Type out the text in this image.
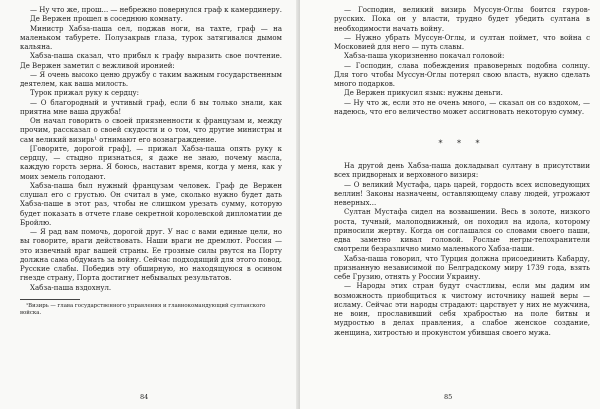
— Ну что же, прош... — небрежно повернулся граф к камердинеру.

Де Вержен прошел в соседнюю комнату.

Министр Хабза-паша сел, поджав ноги, на тахте, граф — на маленьком табурете. Полузакрыв глаза, турок затягивался дымом кальяна.

Хабза-паша сказал, что прибыл к графу выразить свое почтение. Де Вержен заметил с вежливой иронией:

— Я очень высоко ценю дружбу с таким важным государственным деятелем, как ваша милость.

Турок прижал руку к сердцу:

— О благородный и учтивый граф, если б вы только знали, как приятна мне ваша дружба!

Он начал говорить о своей приязненности к французам и, между прочим, рассказал о своей скудости и о том, что другие министры и сам великий визирь¹ отнимают его вознаграждение.

[Говорите, дорогой граф], — прижал Хабза-паша опять руку к сердцу, — стыдно признаться, я даже не знаю, почему масла, каждую горсть зерна. Я боюсь, наставит время, когда у меня, как у моих земель голодают.

Хабза-паша был нужный французам человек. Граф де Вержен слушал его с грустью. Он считал в уме, сколько нужно будет дать Хабза-паше в этот раз, чтобы не слишком урезать сумму, которую будет показать в отчете главе секретной королевской дипломатии де Бройлю.

— Я рад вам помочь, дорогой друг. У нас с вами единые цели, но вы говорите, враги действовать. Наши враги не дремлют. Россия — это извечный враг вашей страны. Ее грозные силы рвутся на Порту должна сама обдумать за войну. Сейчас подходящий для этого повод. Русские слабы. Победив эту обширную, но находящуюся в осином гнезде страну, Порта достигнет небывалых результатов.

Хабза-паша вздохнул.

¹Визирь — глава государственного управления и главнокомандующий султанского войска.

84

— Господин, великий визирь Муссун-Оглы боится гяуров-русских. Пока он у власти, трудно будет убедить султана в необходимости начать войну.

— Нужно убрать Муссун-Оглы, и султан поймет, что война с Московией для него — путь славы.

Хабза-паша укоризненно покачал головой:

— Господин, слава побеждения правоверных подобна солнцу. Для того чтобы Муссун-Оглы потерял свою власть, нужно сделать много подарков.

Де Вержен прикусил язык: нужны деньги.

— Ну что ж, если это не очень много, — сказал он со вздохом, — надеюсь, что его величество может ассигновать некоторую сумму.

* * *

На другой день Хабза-паша докладывал султану в присутствии всех придворных и верховного визиря:

— О великий Мустафа, царь царей, гордость всех исповедующих веллин! Законы назначены, оставляющему славу людей, угрожают неверных...

Султан Мустафа сидел на возвышении. Весь в золоте, низкого роста, тучный, малоподвижный, он походил на идола, которому приносили жертву. Когда он соглашался со словами своего паши, едва заметно кивал головой. Рослые негры-телохранители смотрели безразлично мимо маленького Хабза-паши.

Хабза-паша говорил, что Турция должна присоединить Кабарду, признанную независимой по Белградскому миру 1739 года, взять себе Грузию, отнять у России Украину.

— Народы этих стран будут счастливы, если мы дадим им возможность приобщиться к чистому источнику нашей веры — исламу. Сейчас эти народы страдают: царствует у них не мужчина, не воин, прославивший себя храбростью на поле битвы и мудростью в делах правления, а слабое женское создание, женщина, хитростью и прокунстом убившая своего мужа.

85
